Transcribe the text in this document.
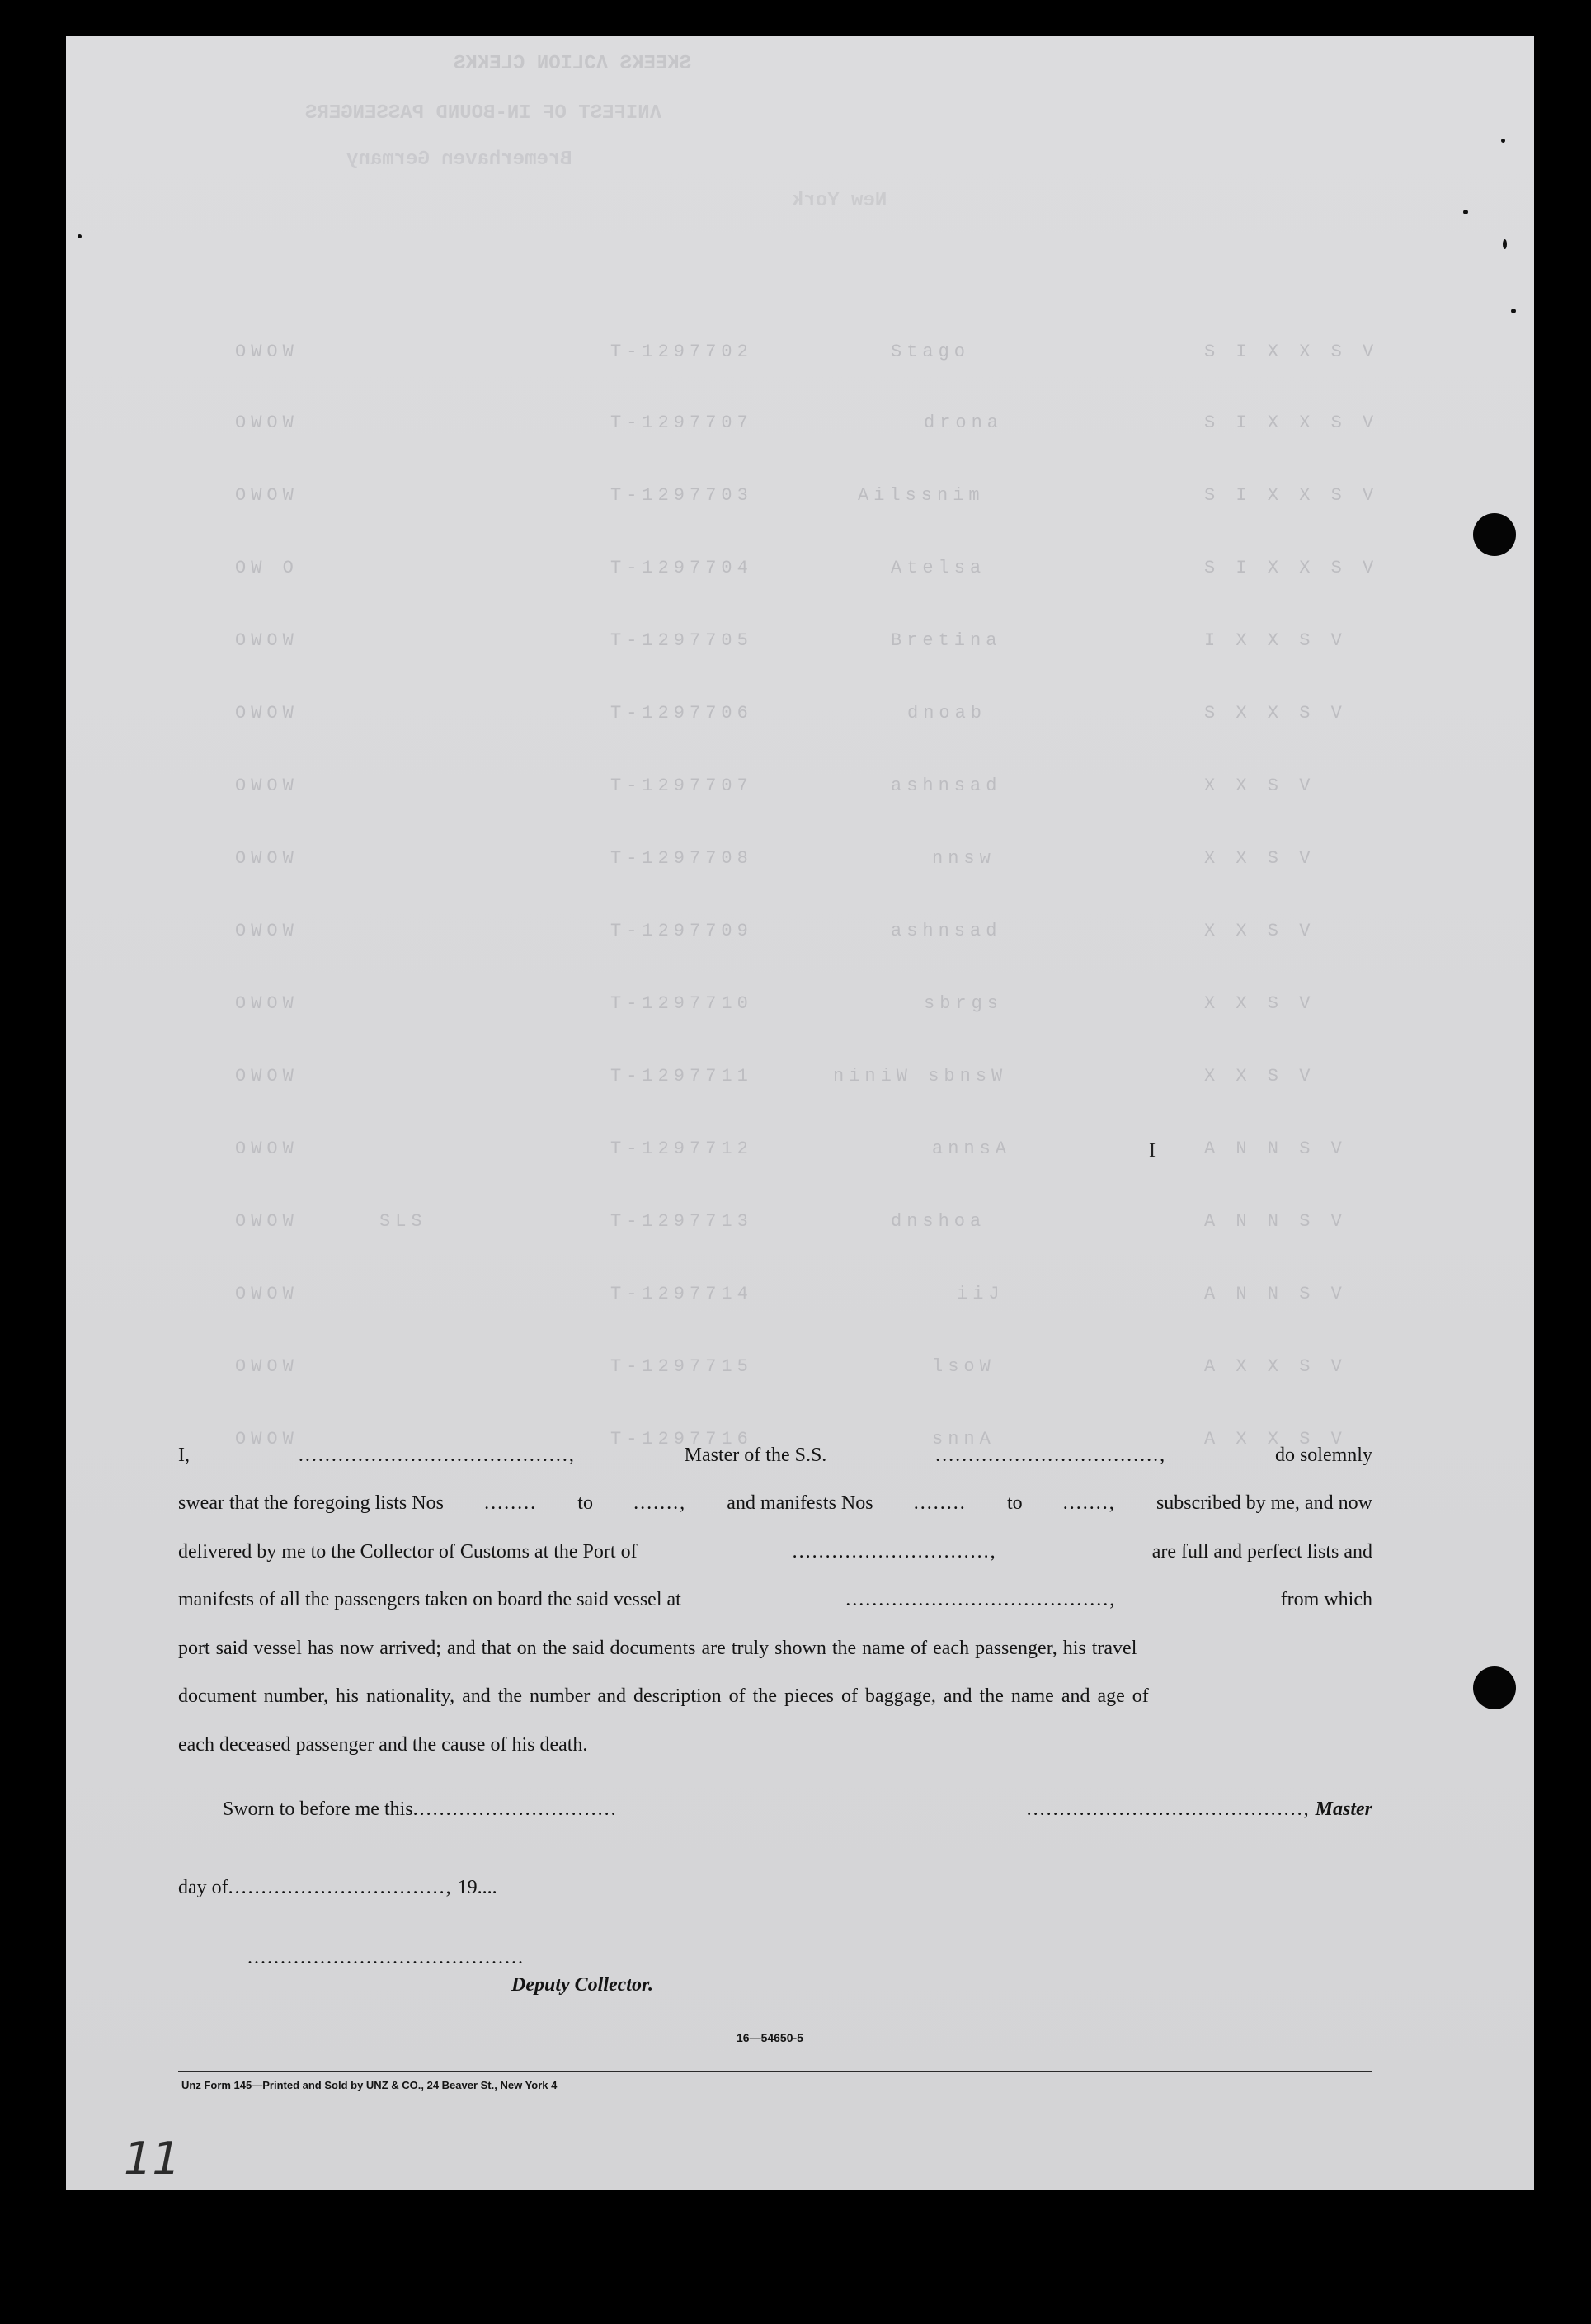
SKEEKS ΛƆLION CLEKKS
ΛNIFEST OF IN-BOUND PASSENGERS
Bremerhaven Germany
New York
OWOW	T-1297702	Stago	S I X X S V
OWOW	T-1297707	drona	S I X X S V
OWOW	T-1297703	Ailssnim	S I X X S V
OW O	T-1297704	Atelsa	S I X X S V
OWOW	T-1297705	Bretina	I X X S V
OWOW	T-1297706	dnoab	S X X S V
OWOW	T-1297707	ashnsad	X X S V
OWOW	T-1297708	nnsw	X X S V
OWOW	T-1297709	ashnsad	X X S V
OWOW	T-1297710	sbrgs	X X S V
OWOW	T-1297711	niniW sbnsW	X X S V
OWOW	T-1297712	annsA	A N N S V
OWOW	SLS	T-1297713	dnshoa	A N N S V
OWOW	T-1297714	iiJ	A N N S V
OWOW	T-1297715	lsoW	A X X S V
OWOW	T-1297716	snnA	A X X S V
I,	.........................................,	Master of the S.S.	..................................,	do solemnly
swear that the foregoing lists Nos ........ to ......., and manifests Nos ........ to ......., subscribed by me, and now
delivered by me to the Collector of Customs at the Port of	..............................,	are full and perfect lists and
manifests of all the passengers taken on board the said vessel at	........................................,	from which
port said vessel has now arrived; and that on the said documents are truly shown the name of each passenger, his travel
document number, his nationality, and the number and description of the pieces of baggage, and the name and age of
each deceased passenger and the cause of his death.
Sworn to before me this...............................	.........................................., Master
day of................................., 19....
..........................................
Deputy Collector.
I
16—54650-5
Unz Form 145—Printed and Sold by UNZ & CO., 24 Beaver St., New York 4
11
